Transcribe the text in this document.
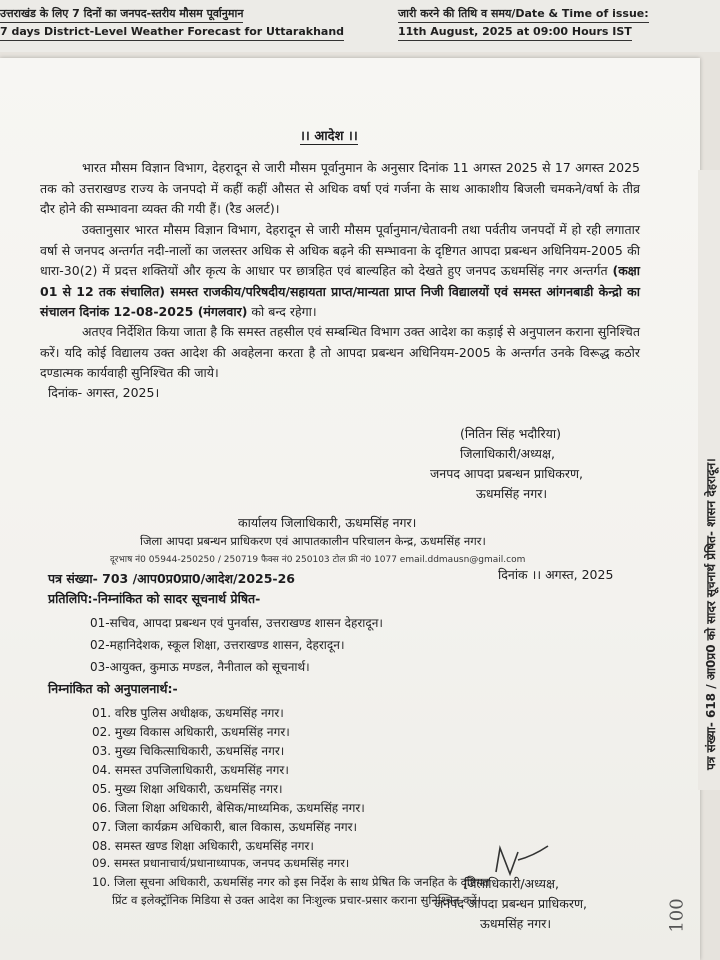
उत्तराखंड के लिए 7 दिनों का जनपद-स्तरीय मौसम पूर्वानुमान
7 days District-Level Weather Forecast for Uttarakhand
जारी करने की तिथि व समय/Date & Time of issue:
11th August, 2025 at 09:00 Hours IST
पत्र संख्या- 618 / आ0प्र0 को सादर सूचनार्थ प्रेषित- शासन देहरादून।
।। आदेश ।।
भारत मौसम विज्ञान विभाग, देहरादून से जारी मौसम पूर्वानुमान के अनुसार दिनांक 11 अगस्त 2025 से 17 अगस्त 2025 तक को उत्तराखण्ड राज्य के जनपदो में कहीं कहीं औसत से अधिक वर्षा एवं गर्जना के साथ आकाशीय बिजली चमकने/वर्षा के तीव्र दौर होने की सम्भावना व्यक्त की गयी हैं। (रैड अलर्ट)।
उक्तानुसार भारत मौसम विज्ञान विभाग, देहरादून से जारी मौसम पूर्वानुमान/चेतावनी तथा पर्वतीय जनपदों में हो रही लगातार वर्षा से जनपद अन्तर्गत नदी-नालों का जलस्तर अधिक से अधिक बढ़ने की सम्भावना के दृष्टिगत आपदा प्रबन्धन अधिनियम-2005 की धारा-30(2) में प्रदत्त शक्तियों और कृत्य के आधार पर छात्रहित एवं बाल्यहित को देखते हुए जनपद ऊधमसिंह नगर अन्तर्गत (कक्षा 01 से 12 तक संचालित) समस्त राजकीय/परिषदीय/सहायता प्राप्त/मान्यता प्राप्त निजी विद्यालयों एवं समस्त आंगनबाडी केन्द्रो का संचालन दिनांक 12-08-2025 (मंगलवार) को बन्द रहेगा।
अतएव निर्देशित किया जाता है कि समस्त तहसील एवं सम्बन्धित विभाग उक्त आदेश का कड़ाई से अनुपालन कराना सुनिश्चित करें। यदि कोई विद्यालय उक्त आदेश की अवहेलना करता है तो आपदा प्रबन्धन अधिनियम-2005 के अन्तर्गत उनके विरूद्ध कठोर दण्डात्मक कार्यवाही सुनिश्चित की जाये।
दिनांक- अगस्त, 2025।
(नितिन सिंह भदौरिया)
जिलाधिकारी/अध्यक्ष,
जनपद आपदा प्रबन्धन प्राधिकरण,
ऊधमसिंह नगर।
कार्यालय जिलाधिकारी, ऊधमसिंह नगर।
जिला आपदा प्रबन्धन प्राधिकरण एवं आपातकालीन परिचालन केन्द्र, ऊधमसिंह नगर।
दूरभाष नं0 05944-250250 / 250719 फैक्स नं0 250103 टोल फ्री नं0 1077 email.ddmausn@gmail.com
पत्र संख्या- 703 /आप0प्र0प्रा0/आदेश/2025-26	दिनांक ।। अगस्त, 2025
प्रतिलिपि:-निम्नांकित को सादर सूचनार्थ प्रेषित-
01-सचिव, आपदा प्रबन्धन एवं पुनर्वास, उत्तराखण्ड शासन देहरादून।
02-महानिदेशक, स्कूल शिक्षा, उत्तराखण्ड शासन, देहरादून।
03-आयुक्त, कुमाऊ मण्डल, नैनीताल को सूचनार्थ।
निम्नांकित को अनुपालनार्थ:-
01. वरिष्ठ पुलिस अधीक्षक, ऊधमसिंह नगर।
02. मुख्य विकास अधिकारी, ऊधमसिंह नगर।
03. मुख्य चिकित्साधिकारी, ऊधमसिंह नगर।
04. समस्त उपजिलाधिकारी, ऊधमसिंह नगर।
05. मुख्य शिक्षा अधिकारी, ऊधमसिंह नगर।
06. जिला शिक्षा अधिकारी, बेसिक/माध्यमिक, ऊधमसिंह नगर।
07. जिला कार्यक्रम अधिकारी, बाल विकास, ऊधमसिंह नगर।
08. समस्त खण्ड शिक्षा अधिकारी, ऊधमसिंह नगर।
09. समस्त प्रधानाचार्य/प्रधानाध्यापक, जनपद ऊधमसिंह नगर।
10. जिला सूचना अधिकारी, ऊधमसिंह नगर को इस निर्देश के साथ प्रेषित कि जनहित के दृष्टिगत
प्रिंट व इलेक्ट्रॉनिक मिडिया से उक्त आदेश का निःशुल्क प्रचार-प्रसार कराना सुनिश्चित करें।
जिलाधिकारी/अध्यक्ष,
जनपद आपदा प्रबन्धन प्राधिकरण,
ऊधमसिंह नगर।	100
